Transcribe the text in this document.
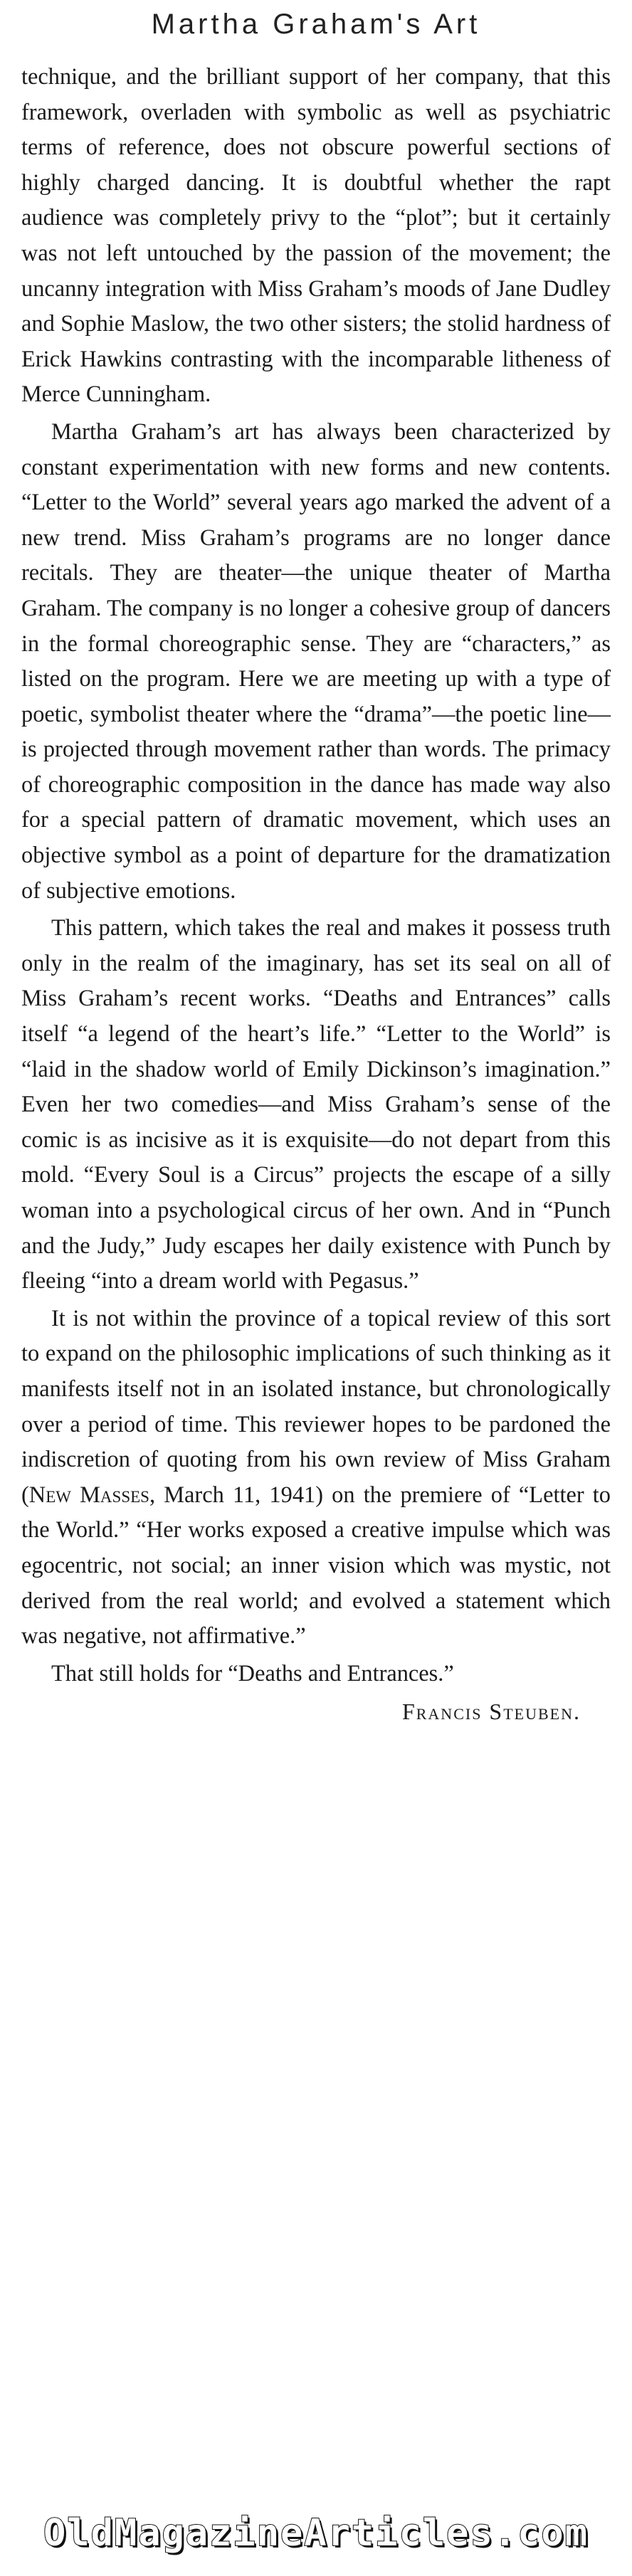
Martha Graham's Art

technique, and the brilliant support of her company, that this framework, overladen with symbolic as well as psychiatric terms of reference, does not obscure powerful sections of highly charged dancing. It is doubtful whether the rapt audience was completely privy to the “plot”; but it certainly was not left untouched by the passion of the movement; the uncanny integration with Miss Graham’s moods of Jane Dudley and Sophie Maslow, the two other sisters; the stolid hardness of Erick Hawkins contrasting with the incomparable litheness of Merce Cunningham.

Martha Graham’s art has always been characterized by constant experimentation with new forms and new contents. “Letter to the World” several years ago marked the advent of a new trend. Miss Graham’s programs are no longer dance recitals. They are theater—the unique theater of Martha Graham. The company is no longer a cohesive group of dancers in the formal choreographic sense. They are “characters,” as listed on the program. Here we are meeting up with a type of poetic, symbolist theater where the “drama”—the poetic line—is projected through movement rather than words. The primacy of choreographic composition in the dance has made way also for a special pattern of dramatic movement, which uses an objective symbol as a point of departure for the dramatization of subjective emotions.

This pattern, which takes the real and makes it possess truth only in the realm of the imaginary, has set its seal on all of Miss Graham’s recent works. “Deaths and Entrances” calls itself “a legend of the heart’s life.” “Letter to the World” is “laid in the shadow world of Emily Dickinson’s imagination.” Even her two comedies—and Miss Graham’s sense of the comic is as incisive as it is exquisite—do not depart from this mold. “Every Soul is a Circus” projects the escape of a silly woman into a psychological circus of her own. And in “Punch and the Judy,” Judy escapes her daily existence with Punch by fleeing “into a dream world with Pegasus.”

It is not within the province of a topical review of this sort to expand on the philosophic implications of such thinking as it manifests itself not in an isolated instance, but chronologically over a period of time. This reviewer hopes to be pardoned the indiscretion of quoting from his own review of Miss Graham (New Masses, March 11, 1941) on the premiere of “Letter to the World.” “Her works exposed a creative impulse which was egocentric, not social; an inner vision which was mystic, not derived from the real world; and evolved a statement which was negative, not affirmative.”

That still holds for “Deaths and Entrances.”

Francis Steuben.
OldMagazineArticles.com
